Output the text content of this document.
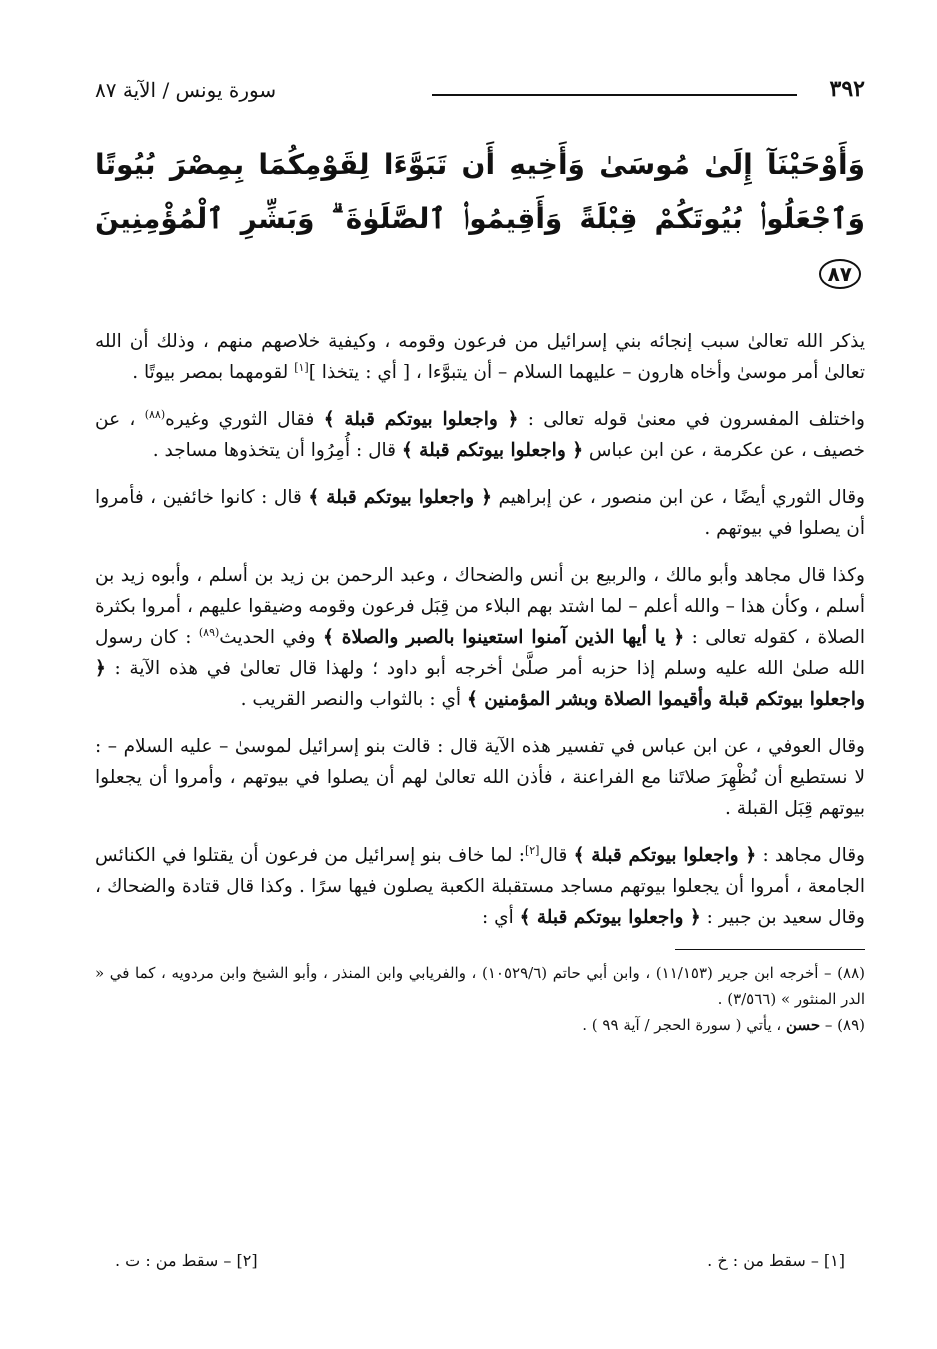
٣٩٢
سورة يونس / الآية ٨٧
وَأَوْحَيْنَآ إِلَىٰ مُوسَىٰ وَأَخِيهِ أَن تَبَوَّءَا لِقَوْمِكُمَا بِمِصْرَ بُيُوتًا وَٱجْعَلُوا۟ بُيُوتَكُمْ قِبْلَةً وَأَقِيمُوا۟ ٱلصَّلَوٰةَ ۗ وَبَشِّرِ ٱلْمُؤْمِنِينَ ٨٧

يذكر الله تعالىٰ سبب إنجائه بني إسرائيل من فرعون وقومه ، وكيفية خلاصهم منهم ، وذلك أن الله تعالىٰ أمر موسىٰ وأخاه هارون – عليهما السلام – أن يتبوَّءا ، [ أي : يتخذا ][١] لقومهما بمصر بيوتًا .

واختلف المفسرون في معنىٰ قوله تعالى : ﴿ واجعلوا بيوتكم قبلة ﴾ فقال الثوري وغيره$^{(٨٨)}$ ، عن خصيف ، عن عكرمة ، عن ابن عباس ﴿ واجعلوا بيوتكم قبلة ﴾ قال : أُمِرُوا أن يتخذوها مساجد .

وقال الثوري أيضًا ، عن ابن منصور ، عن إبراهيم ﴿ واجعلوا بيوتكم قبلة ﴾ قال : كانوا خائفين ، فأمروا أن يصلوا في بيوتهم .

وكذا قال مجاهد وأبو مالك ، والربيع بن أنس والضحاك ، وعبد الرحمن بن زيد بن أسلم ، وأبوه زيد بن أسلم ، وكأن هذا – والله أعلم – لما اشتد بهم البلاء من قِبَل فرعون وقومه وضيقوا عليهم ، أمروا بكثرة الصلاة ، كقوله تعالى : ﴿ يا أيها الذين آمنوا استعينوا بالصبر والصلاة ﴾ وفي الحديث$^{(٨٩)}$ : كان رسول الله صلىٰ الله عليه وسلم إذا حزبه أمر صلَّىٰ أخرجه أبو داود ؛ ولهذا قال تعالىٰ في هذه الآية : ﴿ واجعلوا بيوتكم قبلة وأقيموا الصلاة وبشر المؤمنين ﴾ أي : بالثواب والنصر القريب .

وقال العوفي ، عن ابن عباس في تفسير هذه الآية قال : قالت بنو إسرائيل لموسىٰ – عليه السلام – : لا نستطيع أن نُظْهِرَ صلاتَنا مع الفراعنة ، فأذن الله تعالىٰ لهم أن يصلوا في بيوتهم ، وأمروا أن يجعلوا بيوتهم قِبَل القبلة .

وقال مجاهد : ﴿ واجعلوا بيوتكم قبلة ﴾ قال[٢]: لما خاف بنو إسرائيل من فرعون أن يقتلوا في الكنائس الجامعة ، أمروا أن يجعلوا بيوتهم مساجد مستقبلة الكعبة يصلون فيها سرًا . وكذا قال قتادة والضحاك ، وقال سعيد بن جبير : ﴿ واجعلوا بيوتكم قبلة ﴾ أي :

(٨٨) – أخرجه ابن جرير (١١/١٥٣) ، وابن أبي حاتم (١٠٥٢٩/٦) ، والفريابي وابن المنذر ، وأبو الشيخ وابن مردويه ، كما في « الدر المنثور » (٣/٥٦٦) .

(٨٩) – حسن ، يأتي ( سورة الحجر / آية ٩٩ ) .

[١] – سقط من : خ .
[٢] – سقط من : ت .
